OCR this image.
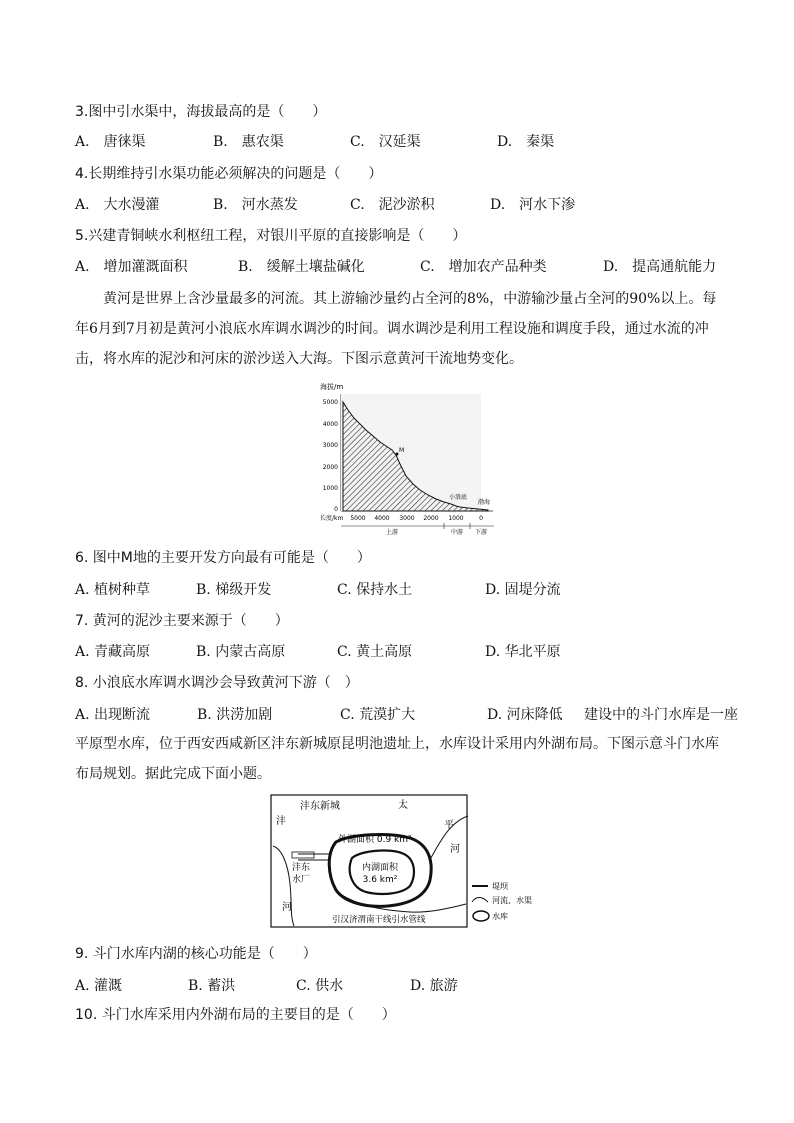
3.图中引水渠中，海拔最高的是（　　）
A.　唐徕渠	B.　惠农渠	C.　汉延渠	D.　秦渠
4.长期维持引水渠功能必须解决的问题是（　　）
A.　大水漫灌	B.　河水蒸发	C.　泥沙淤积	D.　河水下渗
5.兴建青铜峡水利枢纽工程，对银川平原的直接影响是（　　）
A.　增加灌溉面积	B.　缓解土壤盐碱化	C.　增加农产品种类	D.　提高通航能力
　　黄河是世界上含沙量最多的河流。其上游输沙量约占全河的8%，中游输沙量占全河的90%以上。每年6月到7月初是黄河小浪底水库调水调沙的时间。调水调沙是利用工程设施和调度手段，通过水流的冲击，将水库的泥沙和河床的淤沙送入大海。下图示意黄河干流地势变化。
海拔/m
5000
4000
3000
2000
1000
0
M
小浪底
渤海
长度/km 5000 4000 3000 2000 1000	0
上游	中游 下游
6. 图中M地的主要开发方向最有可能是（　　）
A. 植树种草	B. 梯级开发	C. 保持水土	D. 固堤分流
7. 黄河的泥沙主要来源于（　　）
A. 青藏高原	B. 内蒙古高原	C. 黄土高原	D. 华北平原
8. 小浪底水库调水调沙会导致黄河下游（　）
A. 出现断流	B. 洪涝加剧	C. 荒漠扩大	D. 河床降低 建设中的斗门水库是一座
平原型水库，位于西安西咸新区沣东新城原昆明池遗址上，水库设计采用内外湖布局。下图示意斗门水库布局规划。据此完成下面小题。
沣东新城
沣
河
太
平
河
外湖面积 0.9 km²
内湖面积
3.6 km²
沣东
水厂
引汉济渭南干线引水管线
堤坝
河流、水渠
水库
9. 斗门水库内湖的核心功能是（　　）
A. 灌溉	B. 蓄洪	C. 供水	D. 旅游
10. 斗门水库采用内外湖布局的主要目的是（　　）
